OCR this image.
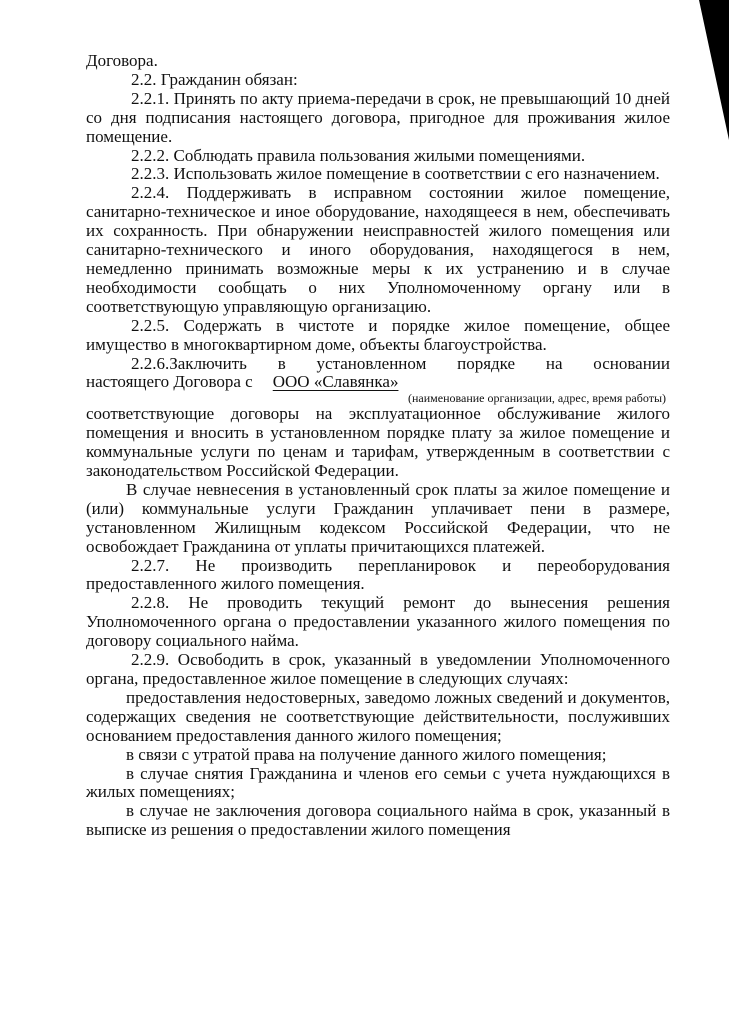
Договора.

2.2. Гражданин обязан:

2.2.1. Принять по акту приема-передачи в срок, не превышающий 10 дней со дня подписания настоящего договора, пригодное для проживания жилое помещение.

2.2.2. Соблюдать правила пользования жилыми помещениями.

2.2.3. Использовать жилое помещение в соответствии с его назначением.

2.2.4. Поддерживать в исправном состоянии жилое помещение, санитарно-техническое и иное оборудование, находящееся в нем, обеспечивать их сохранность. При обнаружении неисправностей жилого помещения или санитарно-технического и иного оборудования, находящегося в нем, немедленно принимать возможные меры к их устранению и в случае необходимости сообщать о них Уполномоченному органу или в соответствующую управляющую организацию.

2.2.5. Содержать в чистоте и порядке жилое помещение, общее имущество в многоквартирном доме, объекты благоустройства.

2.2.6.Заключить в установленном порядке на основании

настоящего Договора с ООО «Славянка»
(наименование организации, адрес, время работы)

соответствующие договоры на эксплуатационное обслуживание жилого помещения и вносить в установленном порядке плату за жилое помещение и коммунальные услуги по ценам и тарифам, утвержденным в соответствии с законодательством Российской Федерации.

В случае невнесения в установленный срок платы за жилое помещение и (или) коммунальные услуги Гражданин уплачивает пени в размере, установленном Жилищным кодексом Российской Федерации, что не освобождает Гражданина от уплаты причитающихся платежей.

2.2.7. Не производить перепланировок и переоборудования предоставленного жилого помещения.

2.2.8. Не проводить текущий ремонт до вынесения решения Уполномоченного органа о предоставлении указанного жилого помещения по договору социального найма.

2.2.9. Освободить в срок, указанный в уведомлении Уполномоченного органа, предоставленное жилое помещение в следующих случаях:

предоставления недостоверных, заведомо ложных сведений и документов, содержащих сведения не соответствующие действительности, послуживших основанием предоставления данного жилого помещения;

в связи с утратой права на получение данного жилого помещения;

в случае снятия Гражданина и членов его семьи с учета нуждающихся в жилых помещениях;

в случае не заключения договора социального найма в срок, указанный в выписке из решения о предоставлении жилого помещения
